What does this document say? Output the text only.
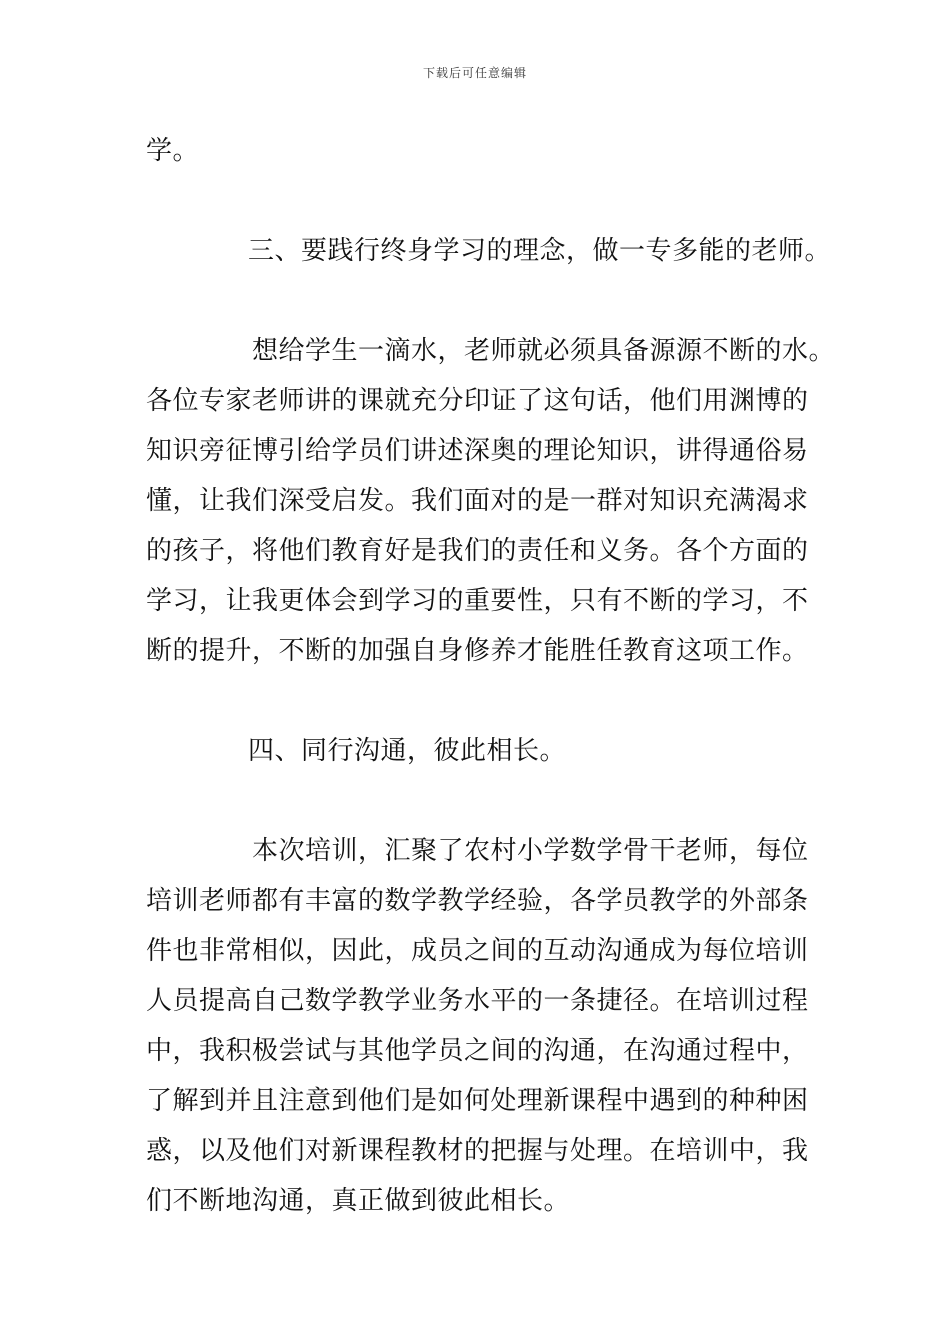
下载后可任意编辑
学。
三、要践行终身学习的理念，做一专多能的老师。
想给学生一滴水，老师就必须具备源源不断的水。
各位专家老师讲的课就充分印证了这句话，他们用渊博的
知识旁征博引给学员们讲述深奥的理论知识，讲得通俗易
懂，让我们深受启发。我们面对的是一群对知识充满渴求
的孩子，将他们教育好是我们的责任和义务。各个方面的
学习，让我更体会到学习的重要性，只有不断的学习，不
断的提升，不断的加强自身修养才能胜任教育这项工作。
四、同行沟通，彼此相长。
本次培训，汇聚了农村小学数学骨干老师，每位
培训老师都有丰富的数学教学经验，各学员教学的外部条
件也非常相似，因此，成员之间的互动沟通成为每位培训
人员提高自己数学教学业务水平的一条捷径。在培训过程
中，我积极尝试与其他学员之间的沟通，在沟通过程中，
了解到并且注意到他们是如何处理新课程中遇到的种种困
惑，以及他们对新课程教材的把握与处理。在培训中，我
们不断地沟通，真正做到彼此相长。
